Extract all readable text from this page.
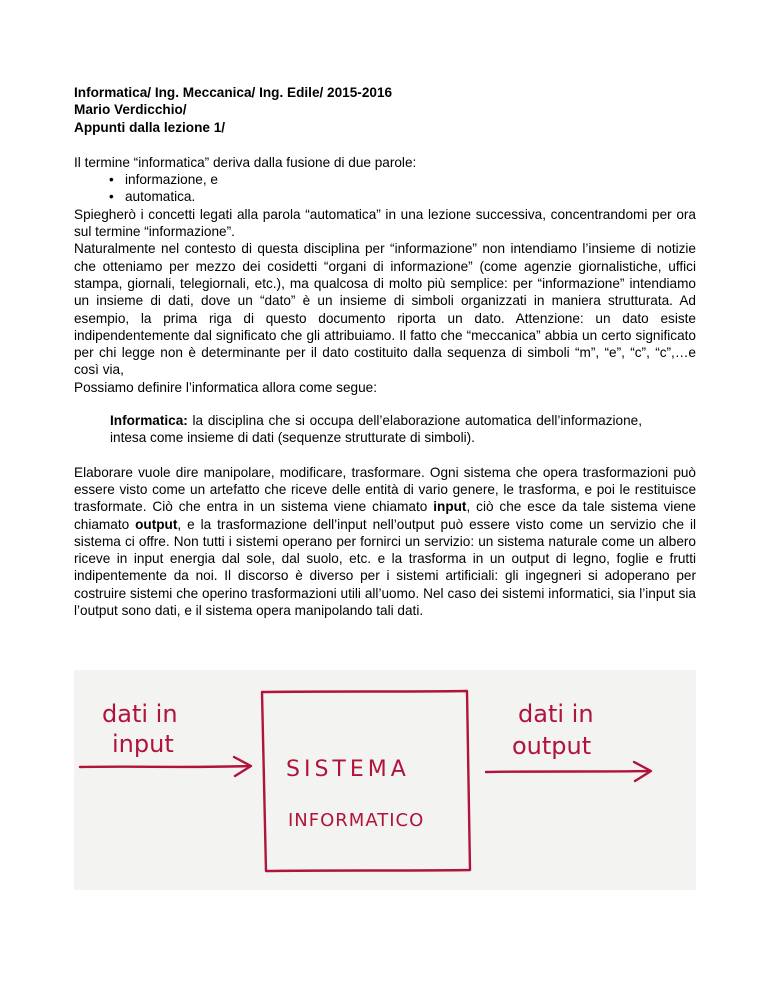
Informatica/ Ing. Meccanica/ Ing. Edile/ 2015-2016
Mario Verdicchio/
Appunti dalla lezione 1/
Il termine “informatica” deriva dalla fusione di due parole:
• informazione, e
• automatica.
Spiegherò i concetti legati alla parola “automatica” in una lezione successiva, concentrandomi per ora sul termine “informazione”.
Naturalmente nel contesto di questa disciplina per “informazione” non intendiamo l’insieme di notizie che otteniamo per mezzo dei cosidetti “organi di informazione” (come agenzie giornalistiche, uffici stampa, giornali, telegiornali, etc.), ma qualcosa di molto più semplice: per “informazione” intendiamo un insieme di dati, dove un “dato” è un insieme di simboli organizzati in maniera strutturata. Ad esempio, la prima riga di questo documento riporta un dato. Attenzione: un dato esiste indipendentemente dal significato che gli attribuiamo. Il fatto che “meccanica” abbia un certo significato per chi legge non è determinante per il dato costituito dalla sequenza di simboli “m”, “e”, “c”, “c”,…e così via,
Possiamo definire l’informatica allora come segue:
Informatica: la disciplina che si occupa dell’elaborazione automatica dell’informazione, intesa come insieme di dati (sequenze strutturate di simboli).
Elaborare vuole dire manipolare, modificare, trasformare. Ogni sistema che opera trasformazioni può essere visto come un artefatto che riceve delle entità di vario genere, le trasforma, e poi le restituisce trasformate. Ciò che entra in un sistema viene chiamato input, ciò che esce da tale sistema viene chiamato output, e la trasformazione dell’input nell’output può essere visto come un servizio che il sistema ci offre. Non tutti i sistemi operano per fornirci un servizio: un sistema naturale come un albero riceve in input energia dal sole, dal suolo, etc. e la trasforma in un output di legno, foglie e frutti indipentemente da noi. Il discorso è diverso per i sistemi artificiali: gli ingegneri si adoperano per costruire sistemi che operino trasformazioni utili all’uomo. Nel caso dei sistemi informatici, sia l’input sia l’output sono dati, e il sistema opera manipolando tali dati.
dati in
input
SISTEMA
INFORMATICO
dati in
output
